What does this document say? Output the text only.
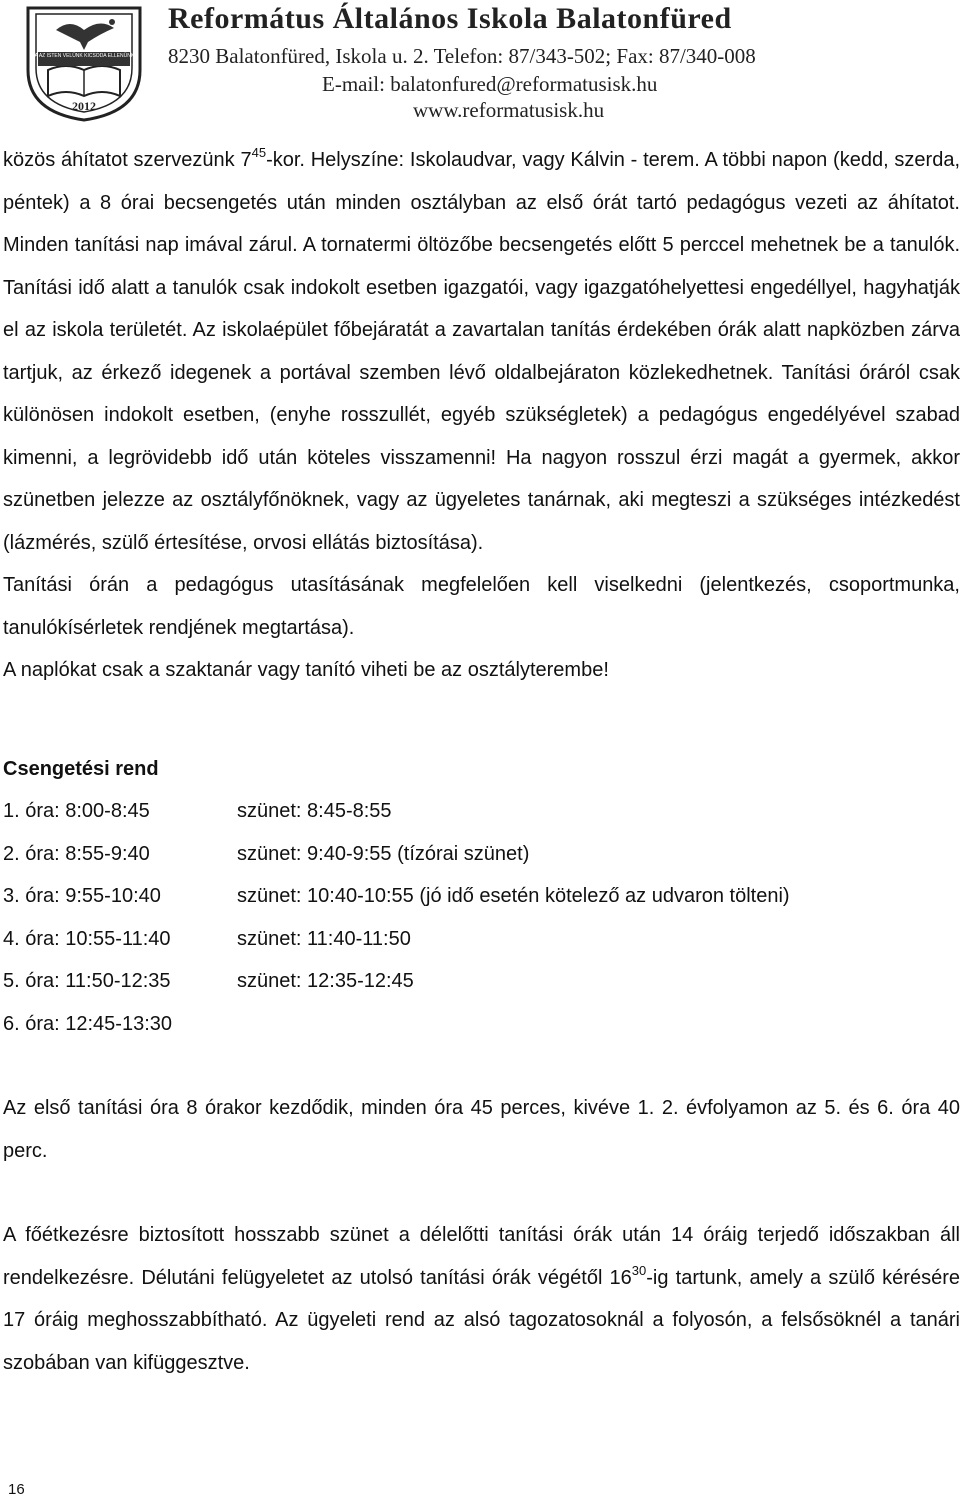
HA AZ ISTEN VELÜNK KICSODA ELLENÜNK?
2012
Református Általános Iskola Balatonfüred
8230 Balatonfüred, Iskola u. 2. Telefon: 87/343-502; Fax: 87/340-008
E-mail: balatonfured@reformatusisk.hu
www.reformatusisk.hu

közös áhítatot szervezünk $7^{45}$-kor. Helyszíne: Iskolaudvar, vagy Kálvin - terem. A többi napon (kedd, szerda, péntek) a 8 órai becsengetés után minden osztályban az első órát tartó pedagógus vezeti az áhítatot. Minden tanítási nap imával zárul. A tornatermi öltözőbe becsengetés előtt 5 perccel mehetnek be a tanulók. Tanítási idő alatt a tanulók csak indokolt esetben igazgatói, vagy igazgatóhelyettesi engedéllyel, hagyhatják el az iskola területét. Az iskolaépület főbejáratát a zavartalan tanítás érdekében órák alatt napközben zárva tartjuk, az érkező idegenek a portával szemben lévő oldalbejáraton közlekedhetnek. Tanítási óráról csak különösen indokolt esetben, (enyhe rosszullét, egyéb szükségletek) a pedagógus engedélyével szabad kimenni, a legrövidebb idő után köteles visszamenni! Ha nagyon rosszul érzi magát a gyermek, akkor szünetben jelezze az osztályfőnöknek, vagy az ügyeletes tanárnak, aki megteszi a szükséges intézkedést (lázmérés, szülő értesítése, orvosi ellátás biztosítása).

Tanítási órán a pedagógus utasításának megfelelően kell viselkedni (jelentkezés, csoportmunka, tanulókísérletek rendjének megtartása).

A naplókat csak a szaktanár vagy tanító viheti be az osztályterembe!

Csengetési rend

1. óra: 8:00-8:45	szünet: 8:45-8:55
2. óra: 8:55-9:40	szünet: 9:40-9:55 (tízórai szünet)
3. óra: 9:55-10:40	szünet: 10:40-10:55 (jó idő esetén kötelező az udvaron tölteni)
4. óra: 10:55-11:40	szünet: 11:40-11:50
5. óra: 11:50-12:35	szünet: 12:35-12:45
6. óra: 12:45-13:30

Az első tanítási óra 8 órakor kezdődik, minden óra 45 perces, kivéve 1. 2. évfolyamon az 5. és 6. óra 40 perc.

A főétkezésre biztosított hosszabb szünet a délelőtti tanítási órák után 14 óráig terjedő időszakban áll rendelkezésre. Délutáni felügyeletet az utolsó tanítási órák végétől $16^{30}-ig$ tartunk, amely a szülő kérésére 17 óráig meghosszabbítható. Az ügyeleti rend az alsó tagozatosoknál a folyosón, a felsősöknél a tanári szobában van kifüggesztve.

16
